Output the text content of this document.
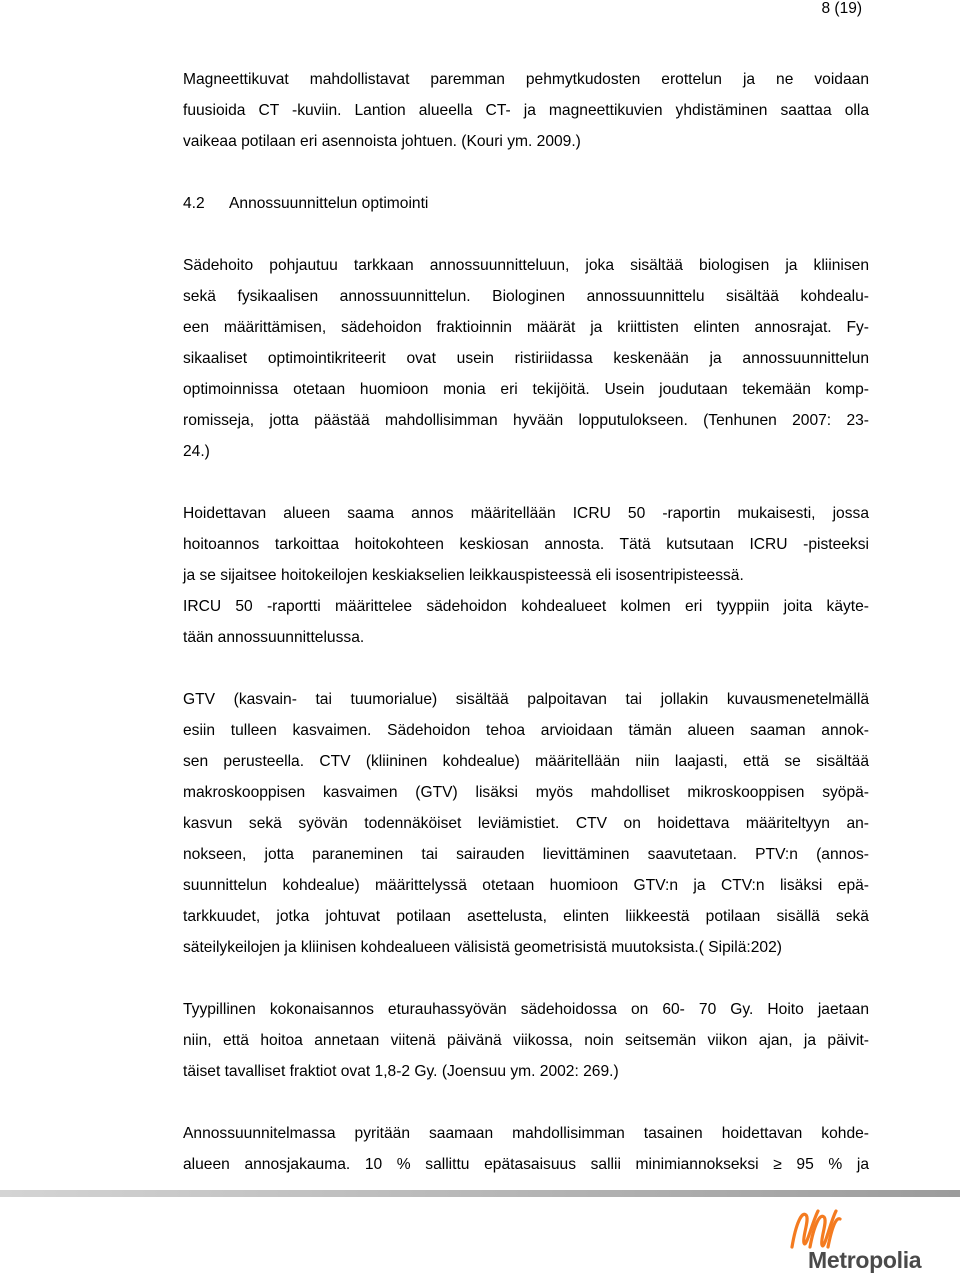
8 (19)
Magneettikuvat mahdollistavat paremman pehmytkudosten erottelun ja ne voidaan
fuusioida CT -kuviin. Lantion alueella CT- ja magneettikuvien yhdistäminen saattaa olla
vaikeaa potilaan eri asennoista johtuen. (Kouri ym. 2009.)
4.2 Annossuunnittelun optimointi
Sädehoito pohjautuu tarkkaan annossuunnitteluun, joka sisältää biologisen ja kliinisen
sekä fysikaalisen annossuunnittelun. Biologinen annossuunnittelu sisältää kohdealu-
een määrittämisen, sädehoidon fraktioinnin määrät ja kriittisten elinten annosrajat. Fy-
sikaaliset optimointikriteerit ovat usein ristiriidassa keskenään ja annossuunnittelun
optimoinnissa otetaan huomioon monia eri tekijöitä. Usein joudutaan tekemään komp-
romisseja, jotta päästää mahdollisimman hyvään lopputulokseen. (Tenhunen 2007: 23-
24.)
Hoidettavan alueen saama annos määritellään ICRU 50 -raportin mukaisesti, jossa
hoitoannos tarkoittaa hoitokohteen keskiosan annosta. Tätä kutsutaan ICRU -pisteeksi
ja se sijaitsee hoitokeilojen keskiakselien leikkauspisteessä eli isosentripisteessä.
IRCU 50 -raportti määrittelee sädehoidon kohdealueet kolmen eri tyyppiin joita käyte-
tään annossuunnittelussa.
GTV (kasvain- tai tuumorialue) sisältää palpoitavan tai jollakin kuvausmenetelmällä
esiin tulleen kasvaimen. Sädehoidon tehoa arvioidaan tämän alueen saaman annok-
sen perusteella. CTV (kliininen kohdealue) määritellään niin laajasti, että se sisältää
makroskooppisen kasvaimen (GTV) lisäksi myös mahdolliset mikroskooppisen syöpä-
kasvun sekä syövän todennäköiset leviämistiet. CTV on hoidettava määriteltyyn an-
nokseen, jotta paraneminen tai sairauden lievittäminen saavutetaan. PTV:n (annos-
suunnittelun kohdealue) määrittelyssä otetaan huomioon GTV:n ja CTV:n lisäksi epä-
tarkkuudet, jotka johtuvat potilaan asettelusta, elinten liikkeestä potilaan sisällä sekä
säteilykeilojen ja kliinisen kohdealueen välisistä geometrisistä muutoksista.( Sipilä:202)
Tyypillinen kokonaisannos eturauhassyövän sädehoidossa on 60- 70 Gy. Hoito jaetaan
niin, että hoitoa annetaan viitenä päivänä viikossa, noin seitsemän viikon ajan, ja päivit-
täiset tavalliset fraktiot ovat 1,8-2 Gy. (Joensuu ym. 2002: 269.)
Annossuunnitelmassa pyritään saamaan mahdollisimman tasainen hoidettavan kohde-
alueen annosjakauma. 10 % sallittu epätasaisuus sallii minimiannokseksi ≥ 95 % ja
Metropolia
